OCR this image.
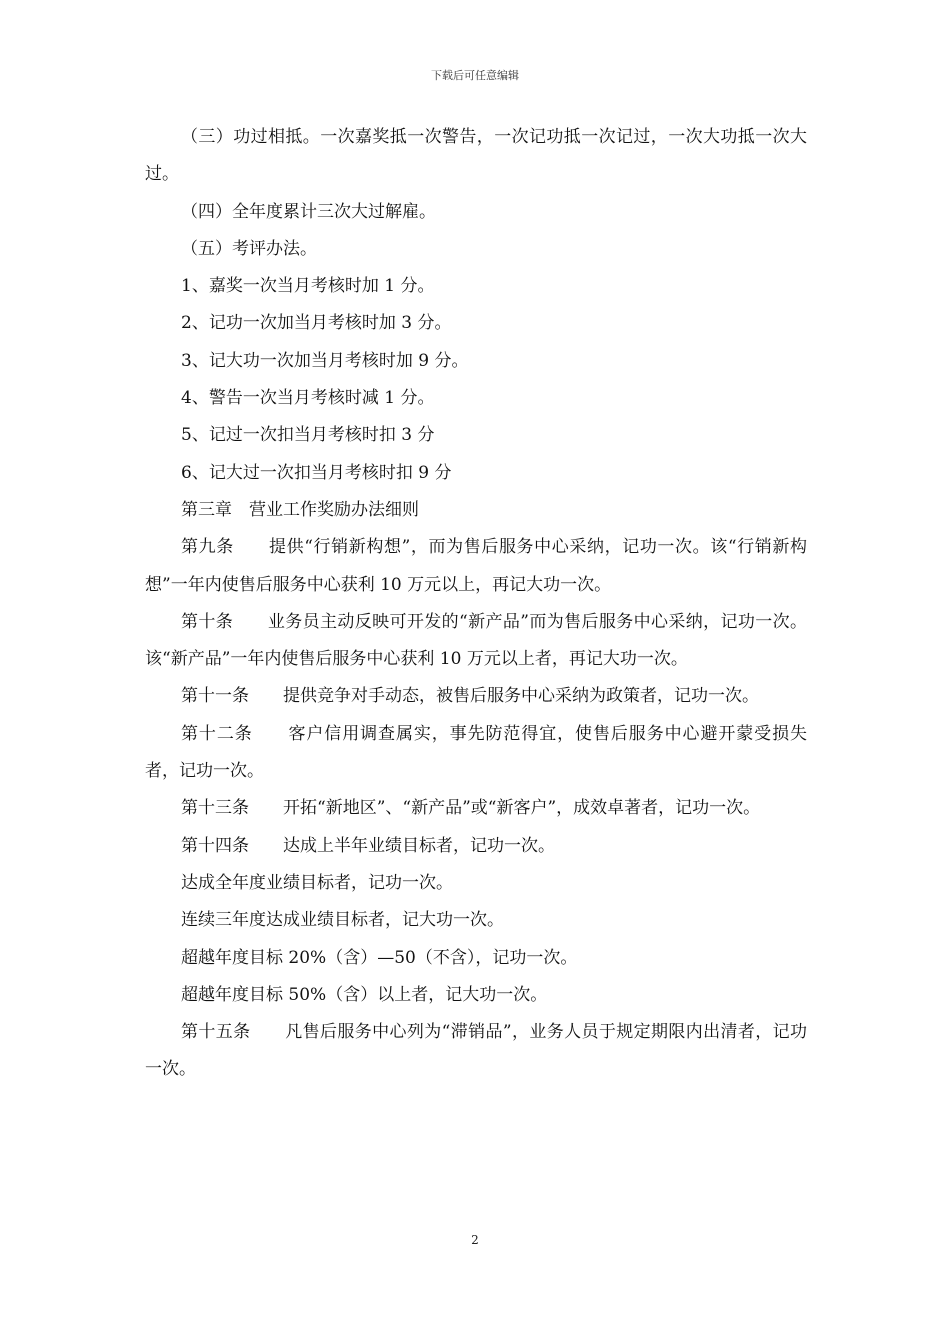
下载后可任意编辑

（三）功过相抵。一次嘉奖抵一次警告，一次记功抵一次记过，一次大功抵一次大过。

（四）全年度累计三次大过解雇。

（五）考评办法。

1、嘉奖一次当月考核时加 1 分。

2、记功一次加当月考核时加 3 分。

3、记大功一次加当月考核时加 9 分。

4、警告一次当月考核时减 1 分。

5、记过一次扣当月考核时扣 3 分

6、记大过一次扣当月考核时扣 9 分

第三章　营业工作奖励办法细则

第九条　　提供“行销新构想”，而为售后服务中心采纳，记功一次。该“行销新构想”一年内使售后服务中心获利 10 万元以上，再记大功一次。

第十条　　业务员主动反映可开发的“新产品”而为售后服务中心采纳，记功一次。该“新产品”一年内使售后服务中心获利 10 万元以上者，再记大功一次。

第十一条　　提供竞争对手动态，被售后服务中心采纳为政策者，记功一次。

第十二条　　客户信用调查属实，事先防范得宜，使售后服务中心避开蒙受损失者，记功一次。

第十三条　　开拓“新地区”、“新产品”或“新客户”，成效卓著者，记功一次。

第十四条　　达成上半年业绩目标者，记功一次。

达成全年度业绩目标者，记功一次。

连续三年度达成业绩目标者，记大功一次。

超越年度目标 20%（含）—50（不含），记功一次。

超越年度目标 50%（含）以上者，记大功一次。

第十五条　　凡售后服务中心列为“滞销品”，业务人员于规定期限内出清者，记功一次。

2
